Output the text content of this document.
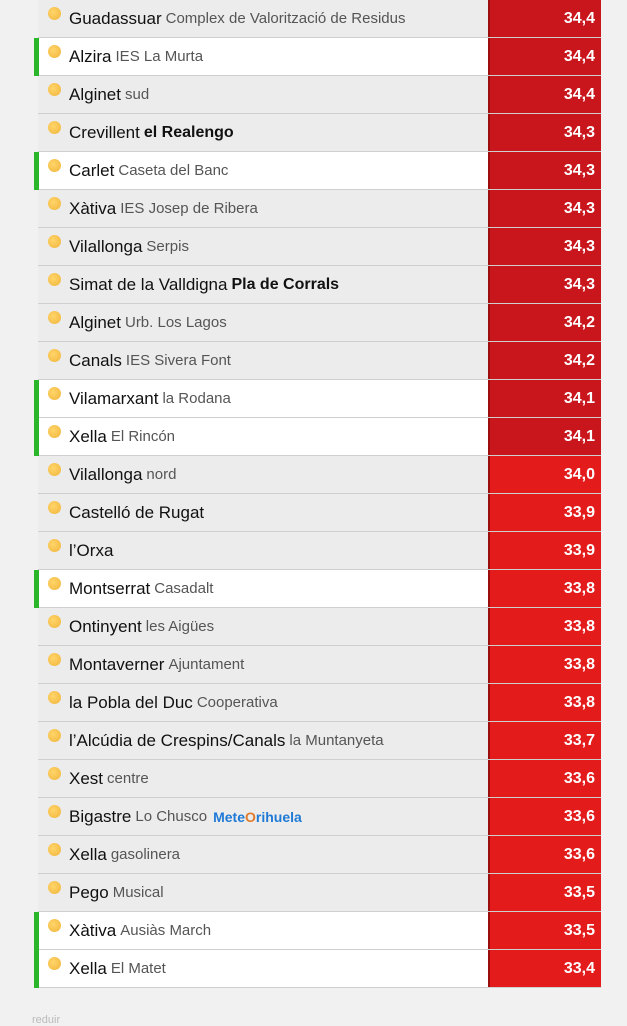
Guadassuar Complex de Valorització de Residus	34,4
Alzira IES La Murta	34,4
Alginet sud	34,4
Crevillent el Realengo	34,3
Carlet Caseta del Banc	34,3
Xàtiva IES Josep de Ribera	34,3
Vilallonga Serpis	34,3
Simat de la Valldigna Pla de Corrals	34,3
Alginet Urb. Los Lagos	34,2
Canals IES Sivera Font	34,2
Vilamarxant la Rodana	34,1
Xella El Rincón	34,1
Vilallonga nord	34,0
Castelló de Rugat	33,9
l’Orxa	33,9
Montserrat Casadalt	33,8
Ontinyent les Aigües	33,8
Montaverner Ajuntament	33,8
la Pobla del Duc Cooperativa	33,8
l’Alcúdia de Crespins/Canals la Muntanyeta	33,7
Xest centre	33,6
Bigastre Lo Chusco MeteOrihuela	33,6
Xella gasolinera	33,6
Pego Musical	33,5
Xàtiva Ausiàs March	33,5
Xella El Matet	33,4
reduir
